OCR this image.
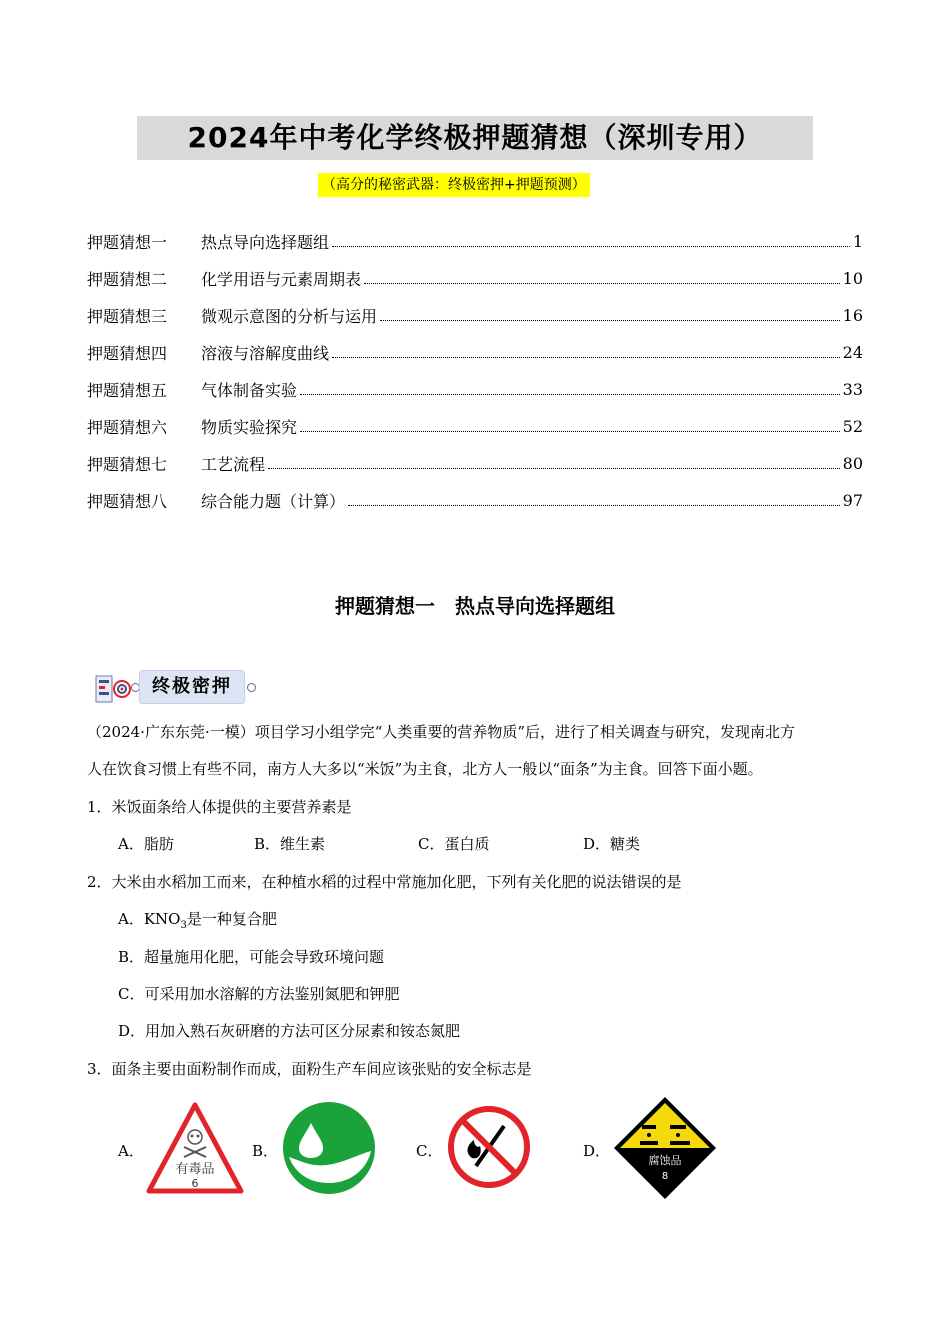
2024年中考化学终极押题猜想（深圳专用）
（高分的秘密武器：终极密押+押题预测）
押题猜想一	热点导向选择题组	1
押题猜想二	化学用语与元素周期表	10
押题猜想三	微观示意图的分析与运用	16
押题猜想四	溶液与溶解度曲线	24
押题猜想五	气体制备实验	33
押题猜想六	物质实验探究	52
押题猜想七	工艺流程	80
押题猜想八	综合能力题（计算）	97
押题猜想一　热点导向选择题组
终极密押
（2024·广东东莞·一模）项目学习小组学完“人类重要的营养物质”后，进行了相关调查与研究，发现南北方
人在饮食习惯上有些不同，南方人大多以“米饭”为主食，北方人一般以“面条”为主食。回答下面小题。
1．米饭面条给人体提供的主要营养素是
A．脂肪	B．维生素	C．蛋白质	D．糖类
2．大米由水稻加工而来，在种植水稻的过程中常施加化肥，下列有关化肥的说法错误的是
A．$KNO_3$是一种复合肥
B．超量施用化肥，可能会导致环境问题
C．可采用加水溶解的方法鉴别氮肥和钾肥
D．用加入熟石灰研磨的方法可区分尿素和铵态氮肥
3．面条主要由面粉制作而成，面粉生产车间应该张贴的安全标志是
A．
有毒品
6
B．	C．	D．
腐蚀品
8
